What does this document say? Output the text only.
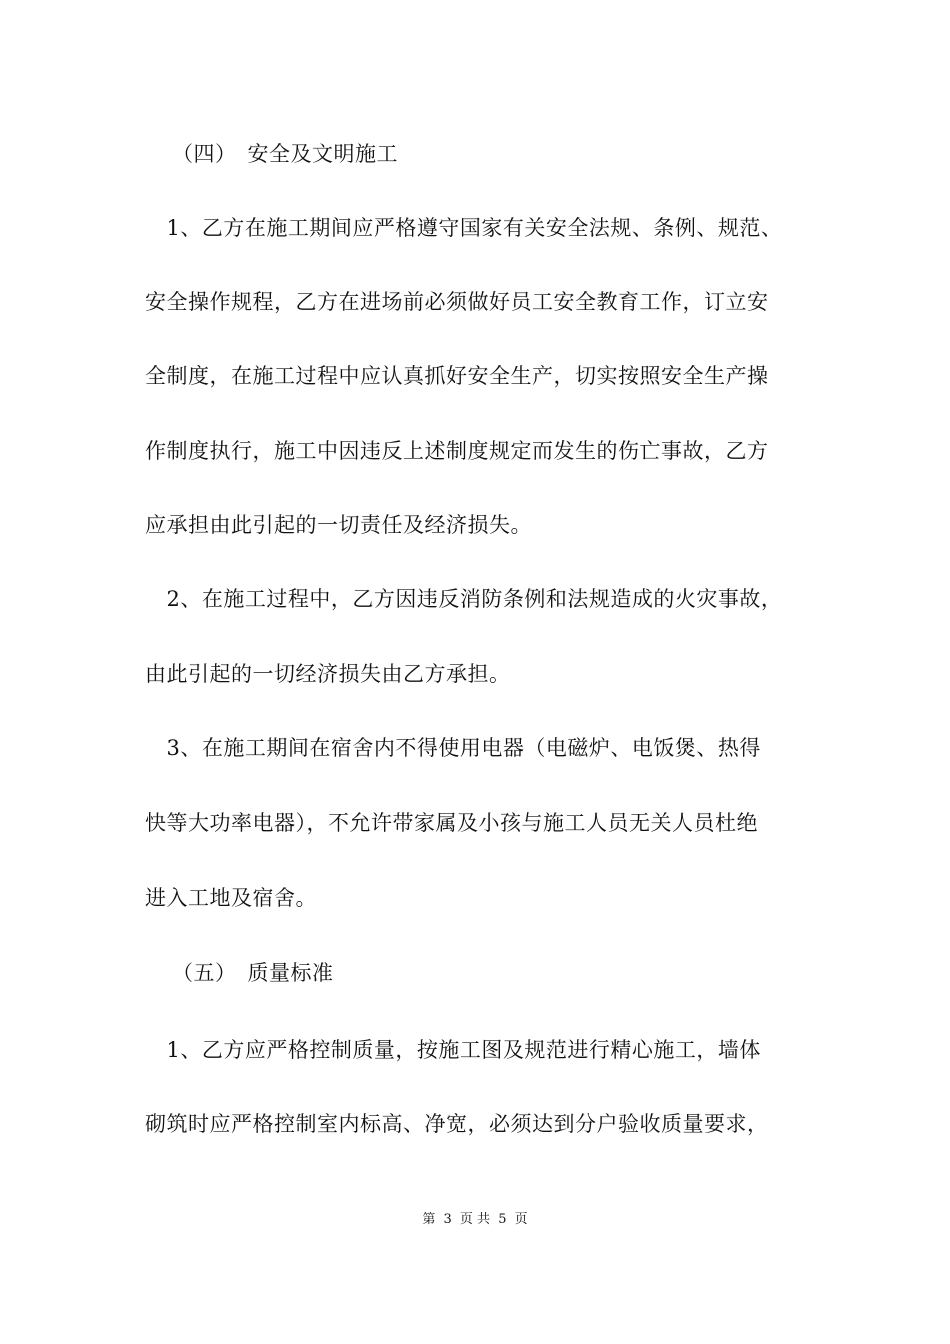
（四）　安全及文明施工
　1、乙方在施工期间应严格遵守国家有关安全法规、条例、规范、
安全操作规程，乙方在进场前必须做好员工安全教育工作，订立安
全制度，在施工过程中应认真抓好安全生产，切实按照安全生产操
作制度执行，施工中因违反上述制度规定而发生的伤亡事故，乙方
应承担由此引起的一切责任及经济损失。
　2、在施工过程中，乙方因违反消防条例和法规造成的火灾事故，
由此引起的一切经济损失由乙方承担。
　3、在施工期间在宿舍内不得使用电器（电磁炉、电饭煲、热得
快等大功率电器），不允许带家属及小孩与施工人员无关人员杜绝
进入工地及宿舍。
（五）　质量标准
　1、乙方应严格控制质量，按施工图及规范进行精心施工，墙体
砌筑时应严格控制室内标高、净宽，必须达到分户验收质量要求，
第 3 页 共 5 页
